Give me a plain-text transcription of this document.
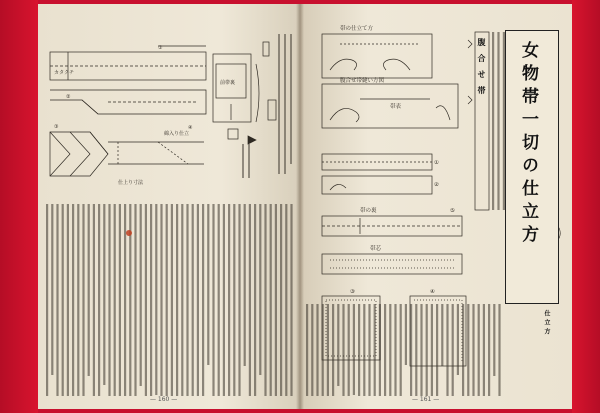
カタクチ
仕上り寸法
綿入り仕立
前帯裏
①
②
③	④
— 160 —
帯の仕立て方
腹合せ帯縫い方図
帯表
帯の裏
帯芯
①
②
③	④
⑤	女物帯一切の仕立方
腹合せ帯
仕立方
— 161 —
